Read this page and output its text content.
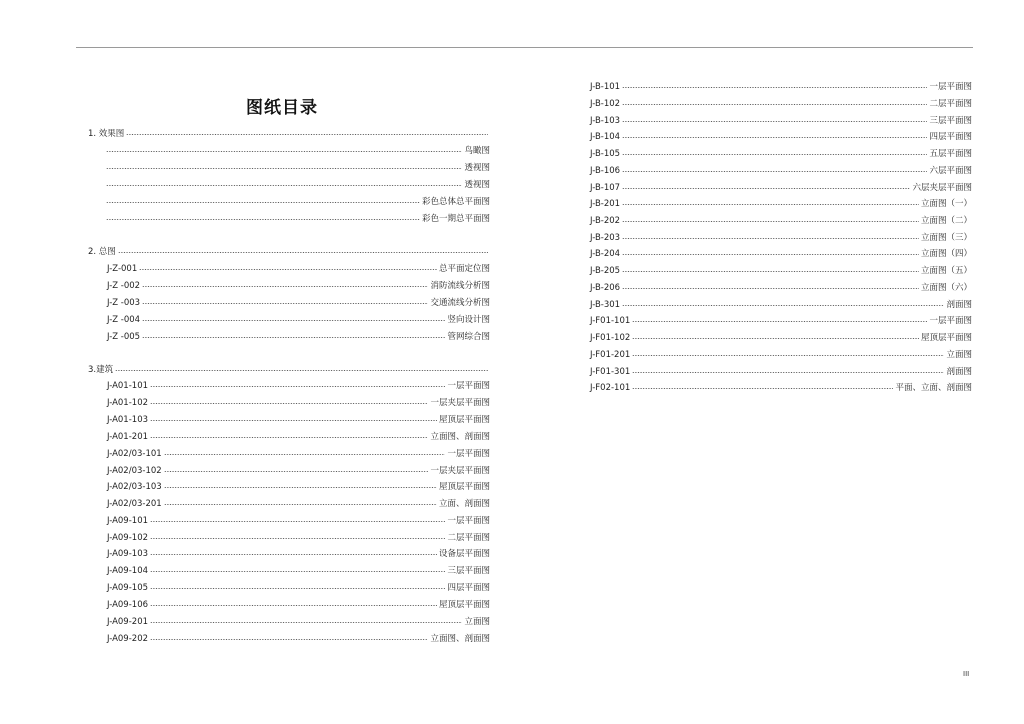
图纸目录
1. 效果图
鸟瞰图
透视图
透视图
彩色总体总平面图
彩色一期总平面图
2. 总图
J-Z-001	总平面定位图
J-Z -002	消防流线分析图
J-Z -003	交通流线分析图
J-Z -004	竖向设计图
J-Z -005	管网综合图
3.建筑
J-A01-101	一层平面图
J-A01-102	一层夹层平面图
J-A01-103	屋顶层平面图
J-A01-201	立面图、剖面图
J-A02/03-101	一层平面图
J-A02/03-102	一层夹层平面图
J-A02/03-103	屋顶层平面图
J-A02/03-201	立面、剖面图
J-A09-101	一层平面图
J-A09-102	二层平面图
J-A09-103	设备层平面图
J-A09-104	三层平面图
J-A09-105	四层平面图
J-A09-106	屋顶层平面图
J-A09-201	立面图
J-A09-202	立面图、剖面图
J-B-101	一层平面图
J-B-102	二层平面图
J-B-103	三层平面图
J-B-104	四层平面图
J-B-105	五层平面图
J-B-106	六层平面图
J-B-107	六层夹层平面图
J-B-201	立面图（一）
J-B-202	立面图（二）
J-B-203	立面图（三）
J-B-204	立面图（四）
J-B-205	立面图（五）
J-B-206	立面图（六）
J-B-301	剖面图
J-F01-101	一层平面图
J-F01-102	屋顶层平面图
J-F01-201	立面图
J-F01-301	剖面图
J-F02-101	平面、立面、剖面图
III
